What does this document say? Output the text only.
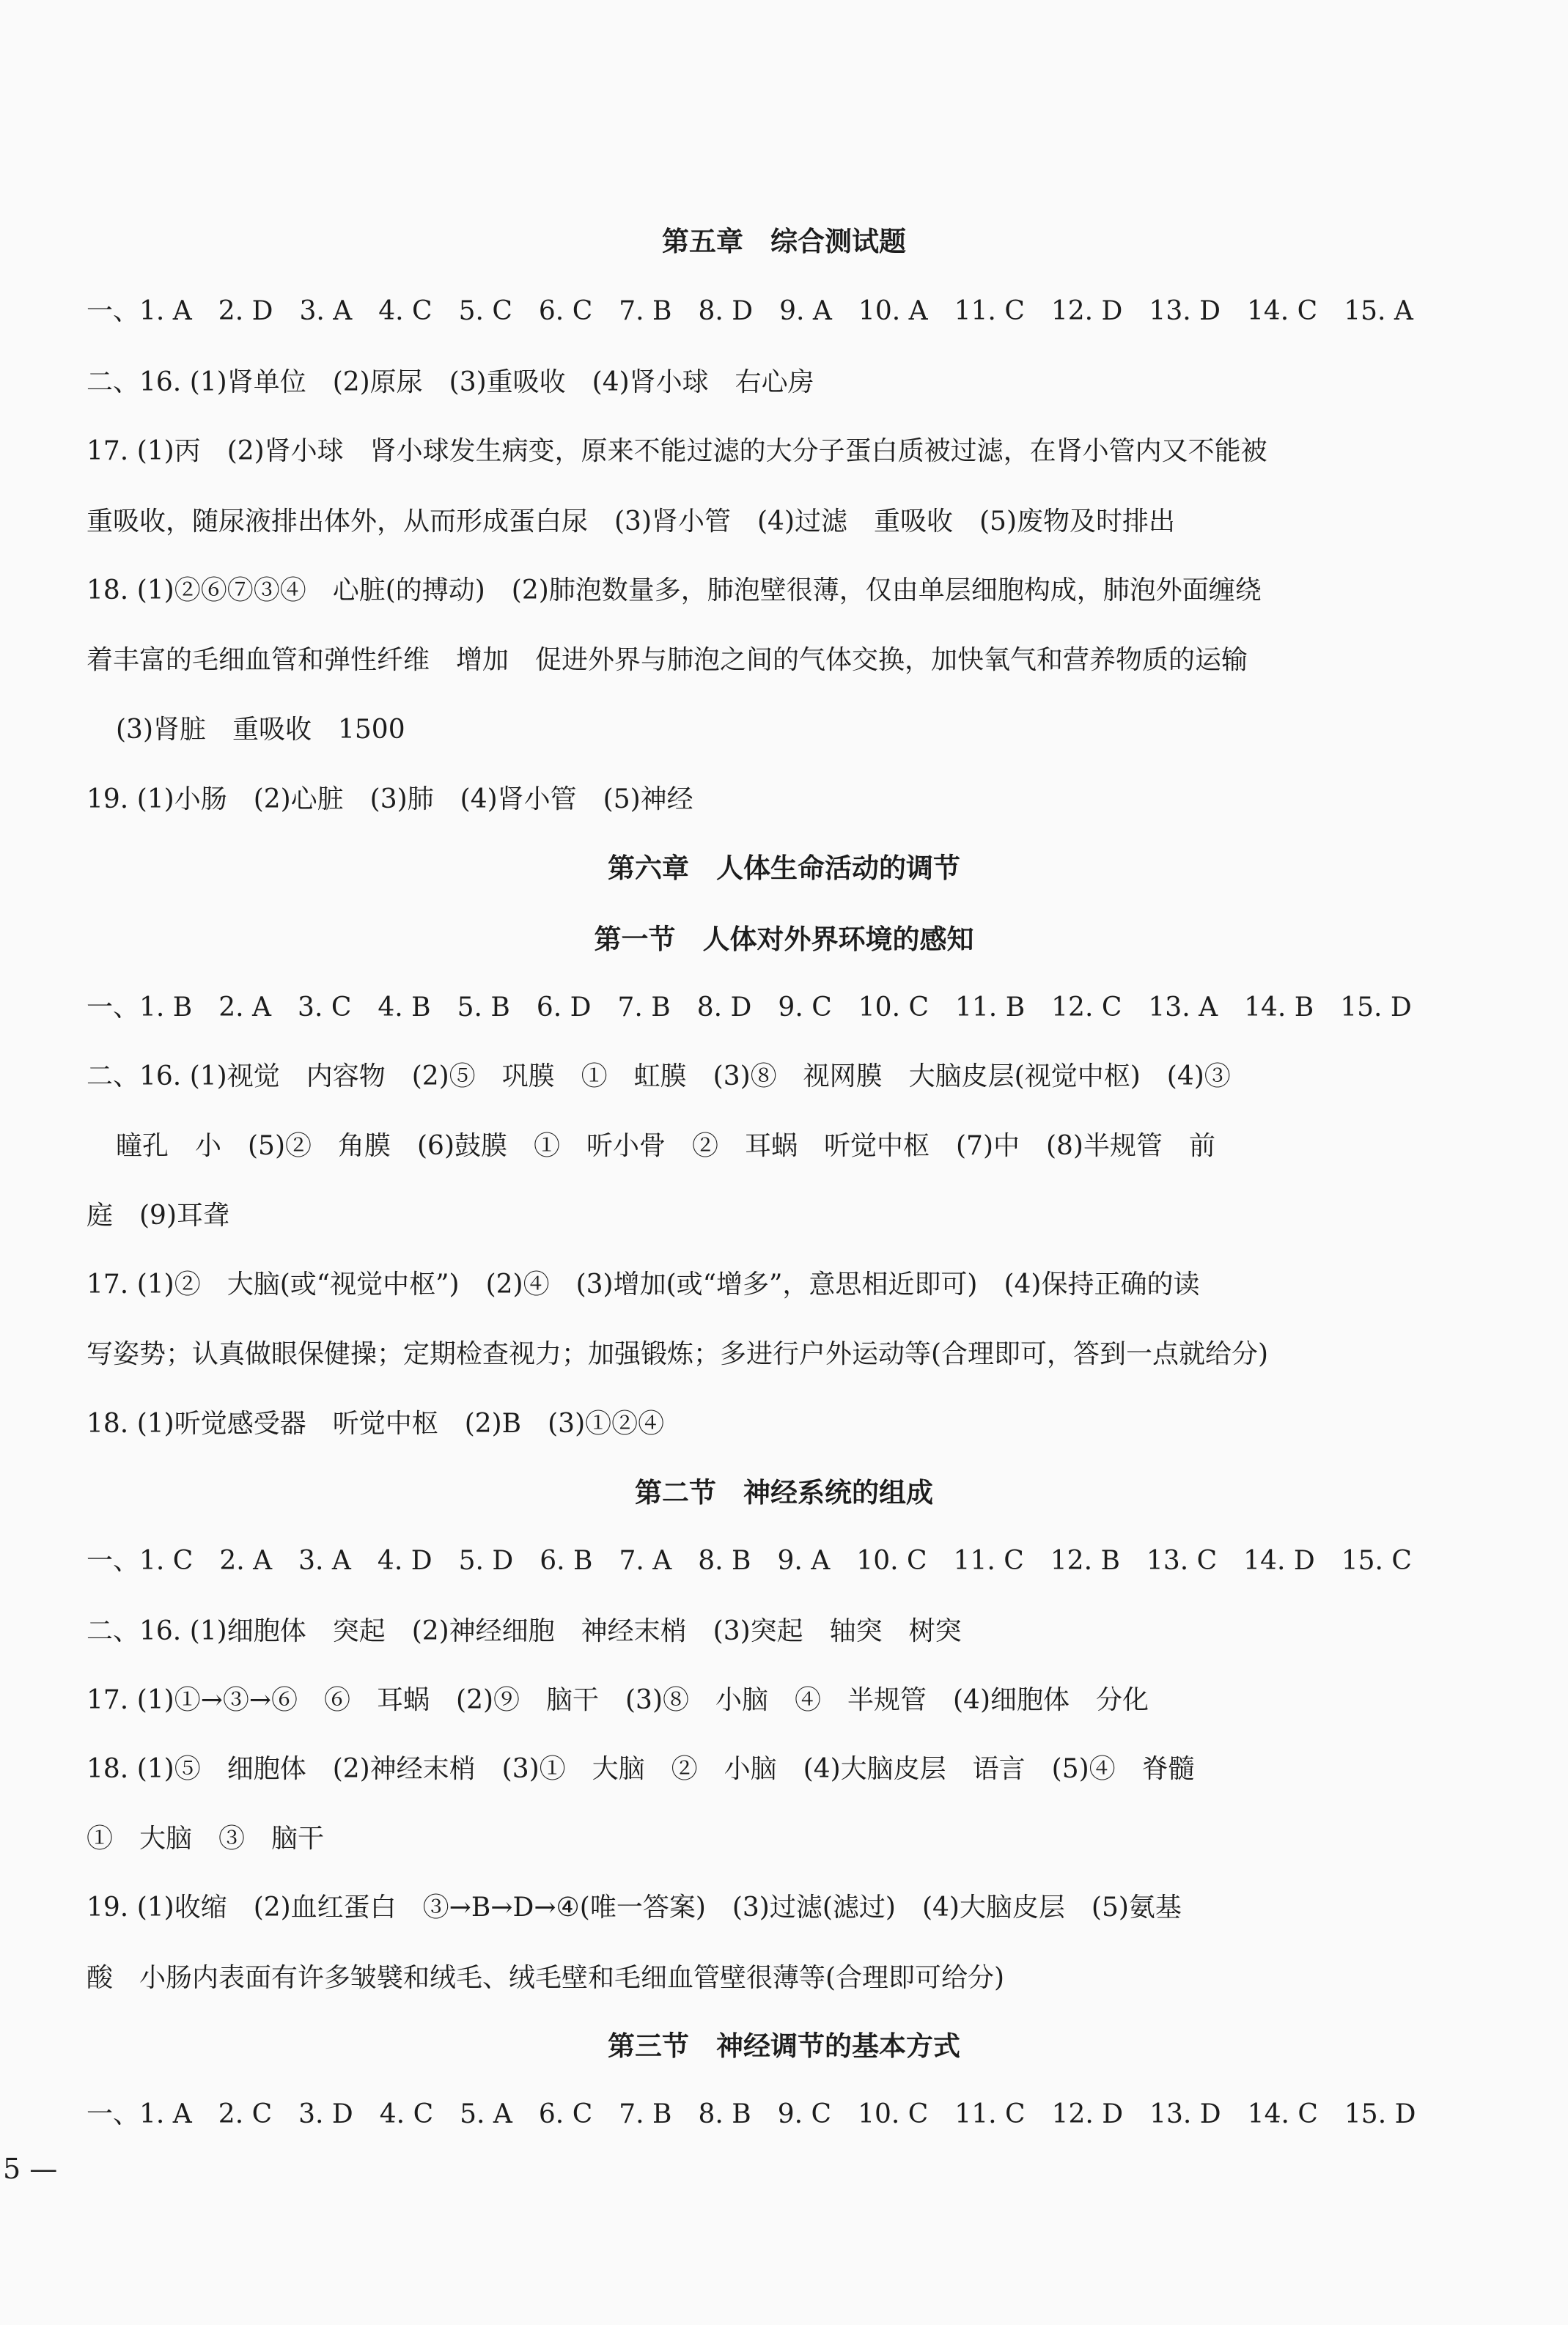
第五章　综合测试题

一、1. A　2. D　3. A　4. C　5. C　6. C　7. B　8. D　9. A　10. A　11. C　12. D　13. D　14. C　15. A

二、16. (1)肾单位　(2)原尿　(3)重吸收　(4)肾小球　右心房

17. (1)丙　(2)肾小球　肾小球发生病变，原来不能过滤的大分子蛋白质被过滤，在肾小管内又不能被

重吸收，随尿液排出体外，从而形成蛋白尿　(3)肾小管　(4)过滤　重吸收　(5)废物及时排出

18. (1)②⑥⑦③④　心脏(的搏动)　(2)肺泡数量多，肺泡壁很薄，仅由单层细胞构成，肺泡外面缠绕

着丰富的毛细血管和弹性纤维　增加　促进外界与肺泡之间的气体交换，加快氧气和营养物质的运输

(3)肾脏　重吸收　1500

19. (1)小肠　(2)心脏　(3)肺　(4)肾小管　(5)神经

第六章　人体生命活动的调节
第一节　人体对外界环境的感知

一、1. B　2. A　3. C　4. B　5. B　6. D　7. B　8. D　9. C　10. C　11. B　12. C　13. A　14. B　15. D

二、16. (1)视觉　内容物　(2)⑤　巩膜　①　虹膜　(3)⑧　视网膜　大脑皮层(视觉中枢)　(4)③

瞳孔　小　(5)②　角膜　(6)鼓膜　①　听小骨　②　耳蜗　听觉中枢　(7)中　(8)半规管　前

庭　(9)耳聋

17. (1)②　大脑(或“视觉中枢”)　(2)④　(3)增加(或“增多”，意思相近即可)　(4)保持正确的读

写姿势；认真做眼保健操；定期检查视力；加强锻炼；多进行户外运动等(合理即可，答到一点就给分)

18. (1)听觉感受器　听觉中枢　(2)B　(3)①②④

第二节　神经系统的组成

一、1. C　2. A　3. A　4. D　5. D　6. B　7. A　8. B　9. A　10. C　11. C　12. B　13. C　14. D　15. C

二、16. (1)细胞体　突起　(2)神经细胞　神经末梢　(3)突起　轴突　树突

17. (1)①→③→⑥　⑥　耳蜗　(2)⑨　脑干　(3)⑧　小脑　④　半规管　(4)细胞体　分化

18. (1)⑤　细胞体　(2)神经末梢　(3)①　大脑　②　小脑　(4)大脑皮层　语言　(5)④　脊髓

①　大脑　③　脑干

19. (1)收缩　(2)血红蛋白　③→B→D→④(唯一答案)　(3)过滤(滤过)　(4)大脑皮层　(5)氨基

酸　小肠内表面有许多皱襞和绒毛、绒毛壁和毛细血管壁很薄等(合理即可给分)

第三节　神经调节的基本方式

一、1. A　2. C　3. D　4. C　5. A　6. C　7. B　8. B　9. C　10. C　11. C　12. D　13. D　14. C　15. D

5 —
